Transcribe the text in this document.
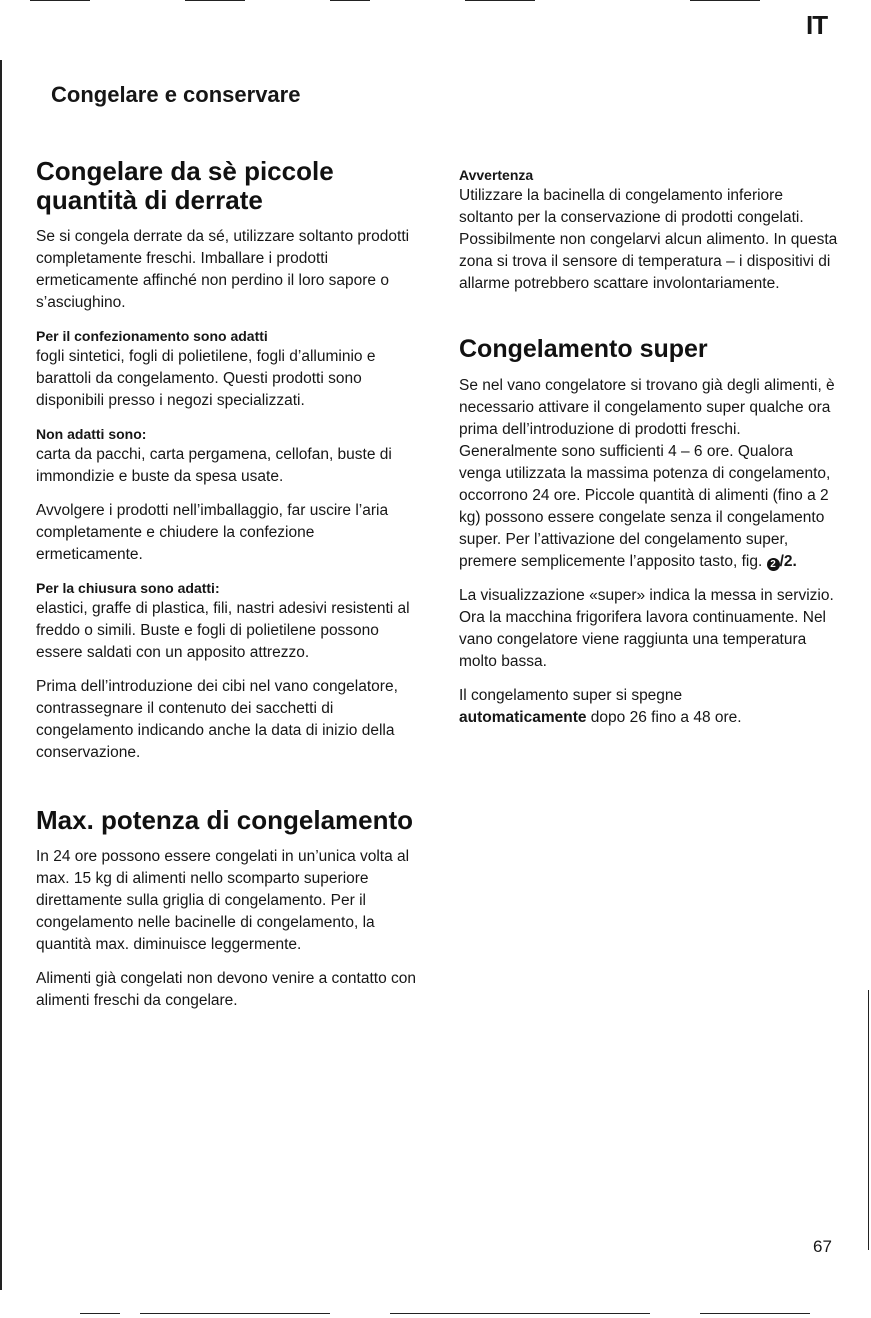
IT
Congelare e conservare
Congelare da sè piccole quantità di derrate

Se si congela derrate da sé, utilizzare soltanto prodotti completamente freschi. Imballare i prodotti ermeticamente affinché non perdino il loro sapore o s’asciughino.

Per il confezionamento sono adatti
fogli sintetici, fogli di polietilene, fogli d’alluminio e barattoli da congelamento. Questi prodotti sono disponibili presso i negozi specializzati.

Non adatti sono:
carta da pacchi, carta pergamena, cellofan, buste di immondizie e buste da spesa usate.

Avvolgere i prodotti nell’imballaggio, far uscire l’aria completamente e chiudere la confezione ermeticamente.

Per la chiusura sono adatti:
elastici, graffe di plastica, fili, nastri adesivi resistenti al freddo o simili. Buste e fogli di polietilene possono essere saldati con un apposito attrezzo.

Prima dell’introduzione dei cibi nel vano congelatore, contrassegnare il contenuto dei sacchetti di congelamento indicando anche la data di inizio della conservazione.

Max. potenza di congelamento

In 24 ore possono essere congelati in un’unica volta al max. 15 kg di alimenti nello scomparto superiore direttamente sulla griglia di congelamento. Per il congelamento nelle bacinelle di congelamento, la quantità max. diminuisce leggermente.

Alimenti già congelati non devono venire a contatto con alimenti freschi da congelare.

Avvertenza
Utilizzare la bacinella di congelamento inferiore soltanto per la conservazione di prodotti congelati. Possibilmente non congelarvi alcun alimento. In questa zona si trova il sensore di temperatura – i dispositivi di allarme potrebbero scattare involontariamente.

Congelamento super

Se nel vano congelatore si trovano già degli alimenti, è necessario attivare il congelamento super qualche ora prima dell’introduzione di prodotti freschi. Generalmente sono sufficienti 4 – 6 ore. Qualora venga utilizzata la massima potenza di congelamento, occorrono 24 ore. Piccole quantità di alimenti (fino a 2 kg) possono essere congelate senza il congelamento super. Per l’attivazione del congelamento super, premere semplicemente l’apposito tasto, fig. 2 /2.

La visualizzazione «super» indica la messa in servizio. Ora la macchina frigorifera lavora continuamente. Nel vano congelatore viene raggiunta una temperatura molto bassa.

Il congelamento super si spegne
automaticamente dopo 26 fino a 48 ore.

67
